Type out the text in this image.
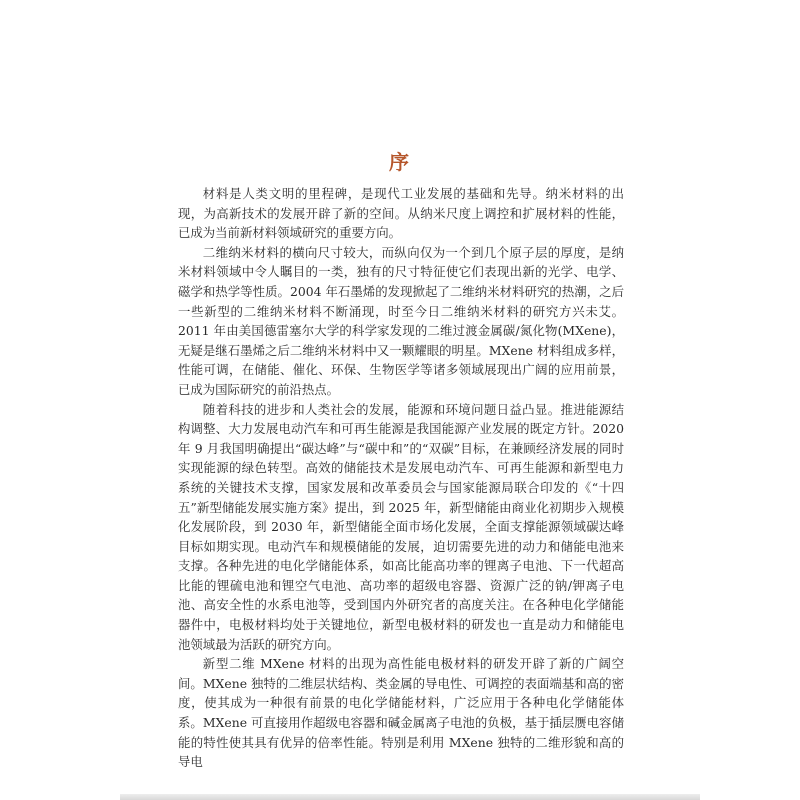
序

材料是人类文明的里程碑，是现代工业发展的基础和先导。纳米材料的出现，为高新技术的发展开辟了新的空间。从纳米尺度上调控和扩展材料的性能，已成为当前新材料领域研究的重要方向。

二维纳米材料的横向尺寸较大，而纵向仅为一个到几个原子层的厚度，是纳米材料领域中令人瞩目的一类，独有的尺寸特征使它们表现出新的光学、电学、磁学和热学等性质。2004 年石墨烯的发现掀起了二维纳米材料研究的热潮，之后一些新型的二维纳米材料不断涌现，时至今日二维纳米材料的研究方兴未艾。2011 年由美国德雷塞尔大学的科学家发现的二维过渡金属碳/氮化物(MXene)，无疑是继石墨烯之后二维纳米材料中又一颗耀眼的明星。MXene 材料组成多样，性能可调，在储能、催化、环保、生物医学等诸多领域展现出广阔的应用前景，已成为国际研究的前沿热点。

随着科技的进步和人类社会的发展，能源和环境问题日益凸显。推进能源结构调整、大力发展电动汽车和可再生能源是我国能源产业发展的既定方针。2020 年 9 月我国明确提出“碳达峰”与“碳中和”的“双碳”目标，在兼顾经济发展的同时实现能源的绿色转型。高效的储能技术是发展电动汽车、可再生能源和新型电力系统的关键技术支撑，国家发展和改革委员会与国家能源局联合印发的《“十四五”新型储能发展实施方案》提出，到 2025 年，新型储能由商业化初期步入规模化发展阶段，到 2030 年，新型储能全面市场化发展，全面支撑能源领域碳达峰目标如期实现。电动汽车和规模储能的发展，迫切需要先进的动力和储能电池来支撑。各种先进的电化学储能体系，如高比能高功率的锂离子电池、下一代超高比能的锂硫电池和锂空气电池、高功率的超级电容器、资源广泛的钠/钾离子电池、高安全性的水系电池等，受到国内外研究者的高度关注。在各种电化学储能器件中，电极材料均处于关键地位，新型电极材料的研发也一直是动力和储能电池领域最为活跃的研究方向。

新型二维 MXene 材料的出现为高性能电极材料的研发开辟了新的广阔空间。MXene 独特的二维层状结构、类金属的导电性、可调控的表面端基和高的密度，使其成为一种很有前景的电化学储能材料，广泛应用于各种电化学储能体系。MXene 可直接用作超级电容器和碱金属离子电池的负极，基于插层赝电容储能的特性使其具有优异的倍率性能。特别是利用 MXene 独特的二维形貌和高的导电
